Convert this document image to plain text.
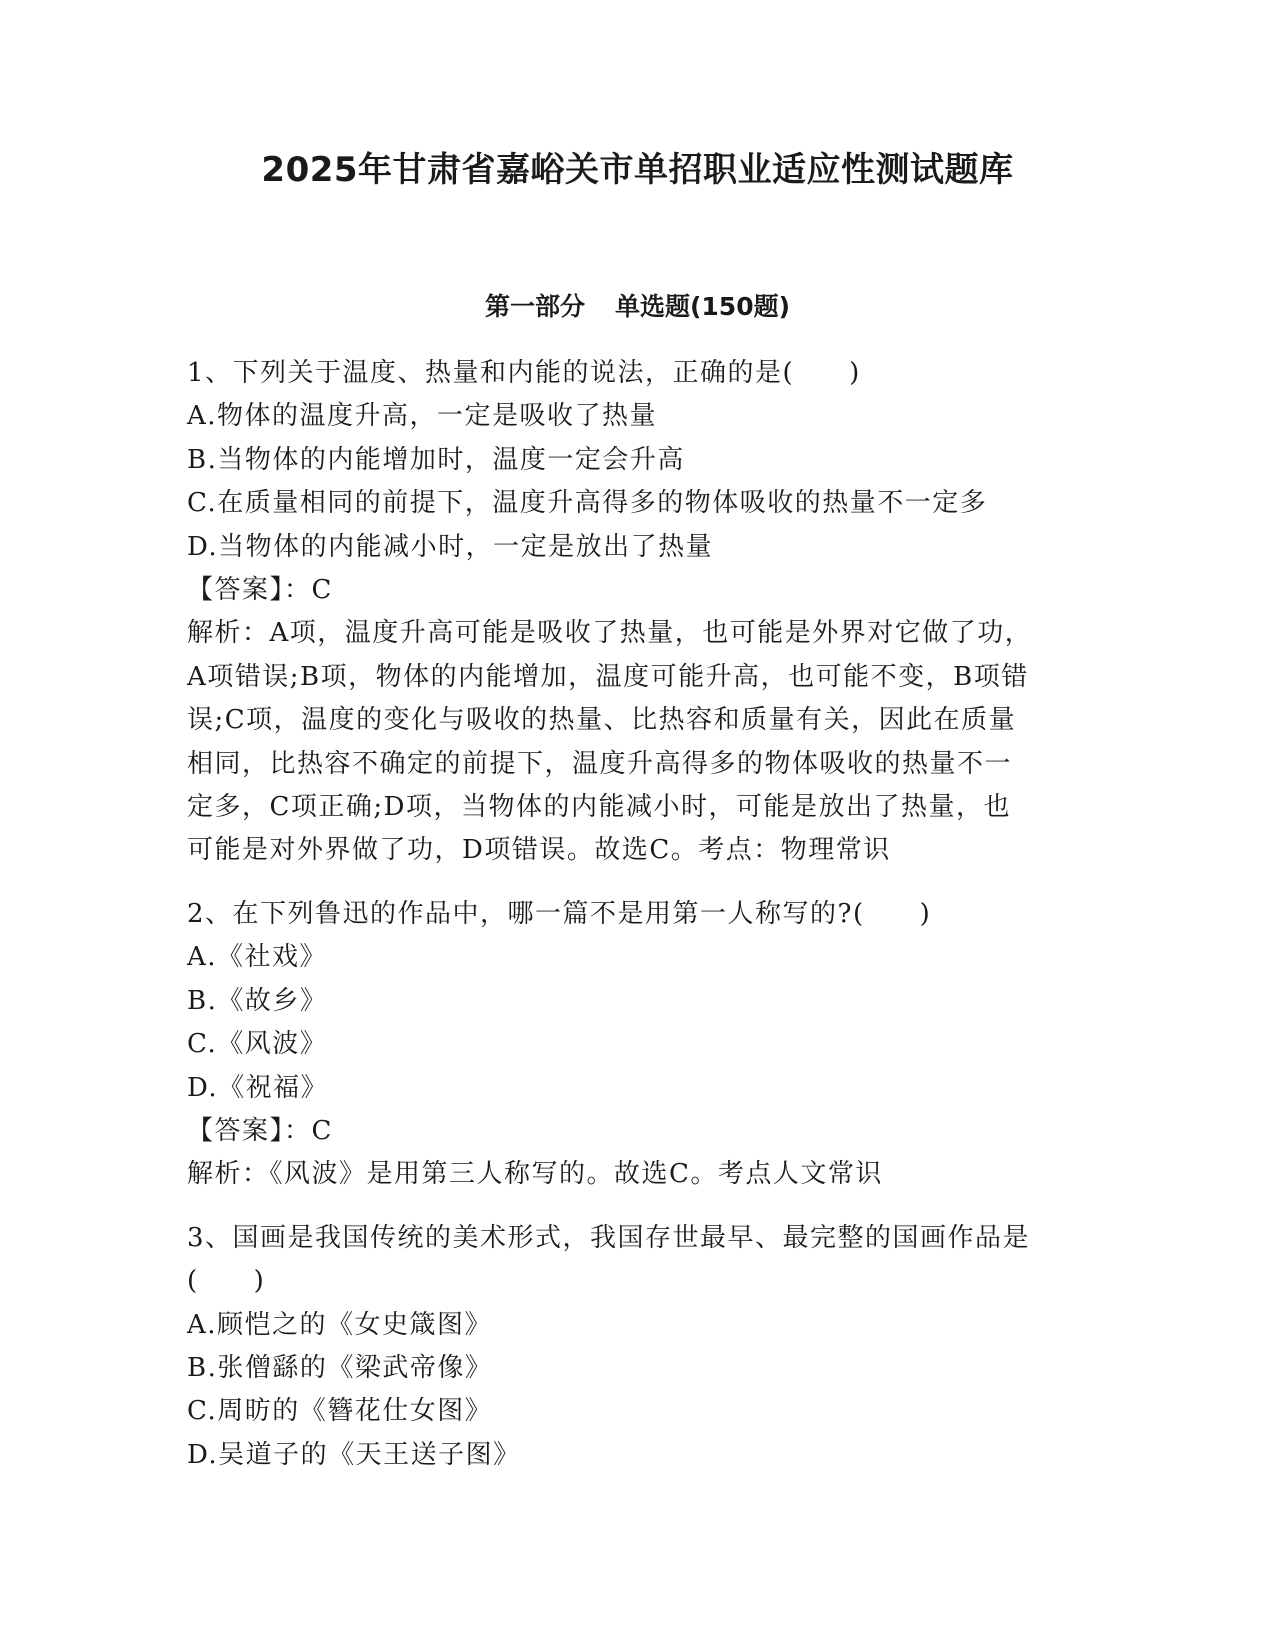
2025年甘肃省嘉峪关市单招职业适应性测试题库
第一部分 单选题(150题)
1、下列关于温度、热量和内能的说法，正确的是(　　)
A.物体的温度升高，一定是吸收了热量
B.当物体的内能增加时，温度一定会升高
C.在质量相同的前提下，温度升高得多的物体吸收的热量不一定多
D.当物体的内能减小时，一定是放出了热量
【答案】：C
解析：A项，温度升高可能是吸收了热量，也可能是外界对它做了功，
A项错误;B项，物体的内能增加，温度可能升高，也可能不变，B项错
误;C项，温度的变化与吸收的热量、比热容和质量有关，因此在质量
相同，比热容不确定的前提下，温度升高得多的物体吸收的热量不一
定多，C项正确;D项，当物体的内能减小时，可能是放出了热量，也
可能是对外界做了功，D项错误。故选C。考点：物理常识
2、在下列鲁迅的作品中，哪一篇不是用第一人称写的?(　　)
A.《社戏》
B.《故乡》
C.《风波》
D.《祝福》
【答案】：C
解析：《风波》是用第三人称写的。故选C。考点人文常识
3、国画是我国传统的美术形式，我国存世最早、最完整的国画作品是
(　　)
A.顾恺之的《女史箴图》
B.张僧繇的《梁武帝像》
C.周昉的《簪花仕女图》
D.吴道子的《天王送子图》
